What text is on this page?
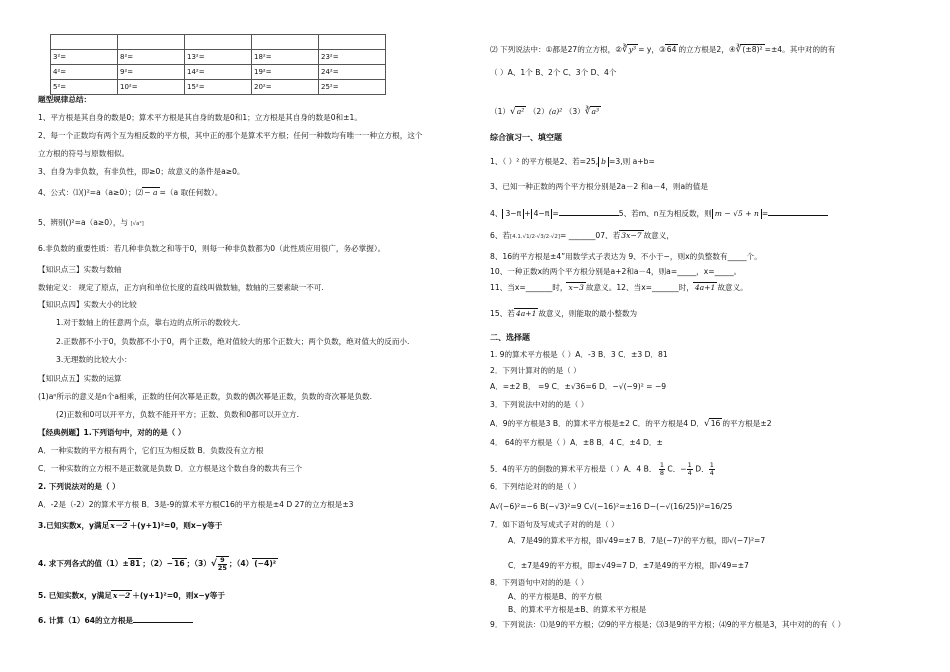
3²=	8²=	13²=	18²=	23²=
4²=	9²=	14²=	19²=	24²=
5²=	10²=	15²=	20²=	25²=
题型规律总结：
1、平方根是其自身的数是0；算术平方根是其自身的数是0和1；立方根是其自身的数是0和±1。
2、每一个正数均有两个互为相反数的平方根，其中正的那个是算术平方根；任何一种数均有唯一一种立方根，这个
立方根的符号与原数相似。
3、自身为非负数，有非负性，即≥0；故意义的条件是a≥0。
4、公式：⑴()²=a（a≥0）；⑵− a =（a 取任何数）。
5、辨别()²=a（a≥0），与 [√a²]
6.非负数的重要性质：若几种非负数之和等于0，则每一种非负数都为0（此性质应用很广，务必掌握）。
【知识点三】实数与数轴
数轴定义： 规定了原点，正方向和单位长度的直线叫做数轴，数轴的三要素缺一不可.
【知识点四】实数大小的比较
1.对于数轴上的任意两个点，靠右边的点所示的数较大.
2.正数都不小于0，负数都不小于0，两个正数，绝对值较大的那个正数大；两个负数，绝对值大的反而小.
3.无理数的比较大小：
【知识点五】实数的运算
(1)aⁿ所示的意义是n个a相乘，正数的任何次幂是正数，负数的偶次幂是正数，负数的奇次幂是负数.
(2)正数和0可以开平方，负数不能开平方；正数、负数和0都可以开立方.
【经典例题】1.下列语句中，对的的是（ ）
A．一种实数的平方根有两个，它们互为相反数 B．负数没有立方根
C．一种实数的立方根不是正数就是负数 D．立方根是这个数自身的数共有三个
2. 下列说法对的是（ ）
A．-2是（-2）2的算术平方根 B．3是-9的算术平方根C16的平方根是±4 D 27的立方根是±3
3.已知实数x，y满足x－2 ＋(y+1)²=0，则x−y等于
4. 求下列各式的值（1）±81 ；（2）−16 ；$(3)√ \frac{9}{25}$ ；（4）(−4)²
5. 已知实数x，y满足x－2 ＋(y+1)²=0，则x−y等于
6. 计算（1）64的立方根是
⑵ 下列说法中：①都是27的立方根，②∛y³ = y，③64 的立方根是2，④∛(±8)² =±4。其中对的的有
（ ）A、1个 B、2个 C、3个 D、4个
（1）√a² （2）(a)² （3）∛a³
综合演习一、填空题
1、（ ）² 的平方根是2、若=25, b =3,则 a+b=
3、已知一种正数的两个平方根分别是2a－2 和a－4，则a的值是
4、 3−π + 4−π =	5、若m、n互为相反数，则 m − √5 + n =
6、若[4.1.√1/2·√3/2·√2]= _______07、若3x−7 故意义，
8、16的平方根是±4”用数学式子表达为 9、不小于−，则x的负整数有_____个。
10、一种正数x的两个平方根分别是a+2和a－4，则a=_____，x=_____。
11、当x=_______时，x−3 故意义。12、当x=_______时，4a+1 故意义。
15、若4a+1 故意义，则能取的最小整数为
二、选择题
1. 9的算术平方根是（ ）A．-3 B．3 C．±3 D．81
2．下列计算对的的是（ ）
A．=±2 B． =9 C．±√36=6 D．−√(−9)² = −9
3．下列说法中对的的是（ ）
A．9的平方根是3 B．的算术平方根是±2 C．的平方根是4 D．√16 的平方根是±2
4． 64的平方根是（ ）A．±8 B．4 C．±4 D．±
5．4的平方的倒数的算术平方根是（ ）A．4 B． $\frac{1}{8}$ C．− $\frac{1}{4}$ D． $\frac{1}{4}$
6．下列结论对的的是（ ）
A√(−6)²=−6 B(−√3)²=9 C√(−16)²=±16 D−(−√(16/25))²=16/25
7．如下语句及写成式子对的的是（ ）
A．7是49的算术平方根，即√49=±7 B．7是(−7)²的平方根，即√(−7)²=7
C．±7是49的平方根，即±√49=7 D．±7是49的平方根，即√49=±7
8．下列语句中对的的是（ ）
A、的平方根是B、的平方根
B、的算术平方根是±B、的算术平方根是
9．下列说法：⑴是9的平方根；⑵9的平方根是；⑶3是9的平方根；⑷9的平方根是3，其中对的的有（ ）
